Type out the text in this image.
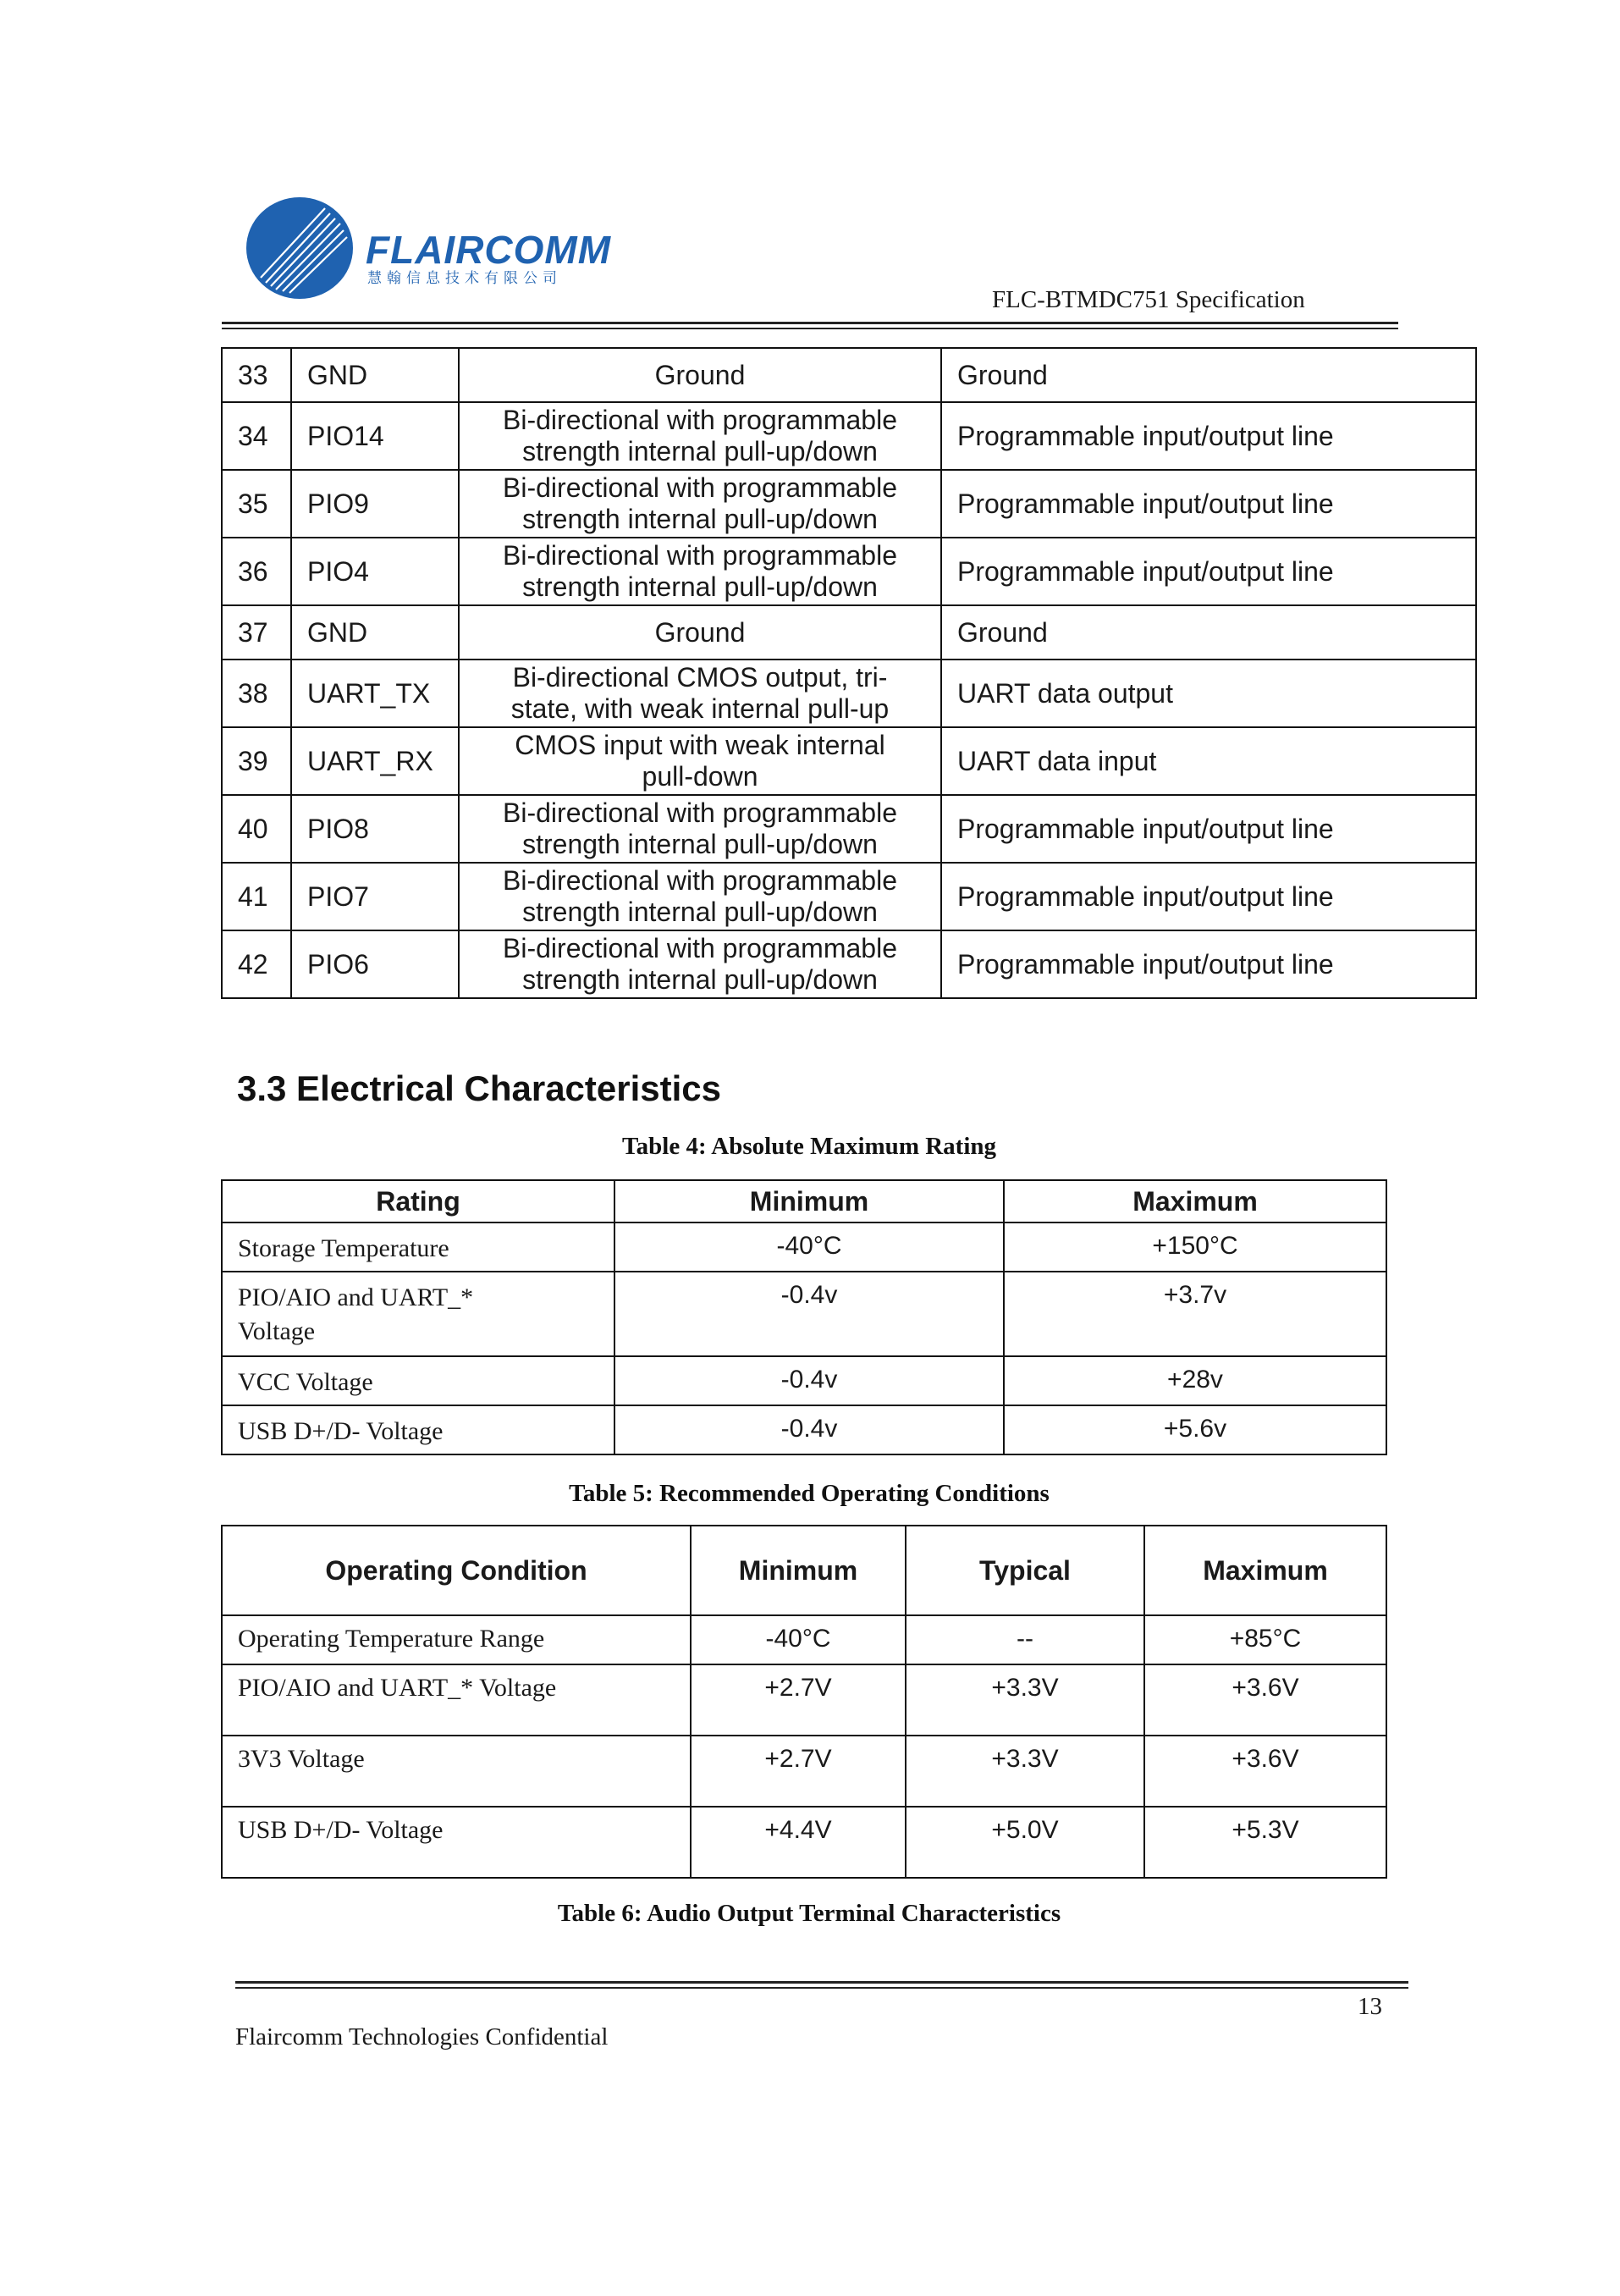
FLAIRCOMM
慧翰信息技术有限公司
FLC-BTMDC751 Specification
33	GND	Ground	Ground
34	PIO14	Bi-directional with programmable
strength internal pull-up/down	Programmable input/output line
35	PIO9	Bi-directional with programmable
strength internal pull-up/down	Programmable input/output line
36	PIO4	Bi-directional with programmable
strength internal pull-up/down	Programmable input/output line
37	GND	Ground	Ground
38	UART_TX	Bi-directional CMOS output, tri-
state, with weak internal pull-up	UART data output
39	UART_RX	CMOS input with weak internal
pull-down	UART data input
40	PIO8	Bi-directional with programmable
strength internal pull-up/down	Programmable input/output line
41	PIO7	Bi-directional with programmable
strength internal pull-up/down	Programmable input/output line
42	PIO6	Bi-directional with programmable
strength internal pull-up/down	Programmable input/output line
3.3 Electrical Characteristics
Table 4: Absolute Maximum Rating
Rating	Minimum	Maximum
Storage Temperature	-40°C	+150°C
PIO/AIO and UART_*
Voltage	-0.4v	+3.7v
VCC Voltage	-0.4v	+28v
USB D+/D- Voltage	-0.4v	+5.6v
Table 5: Recommended Operating Conditions
Operating Condition	Minimum	Typical	Maximum
Operating Temperature Range	-40°C	--	+85°C
PIO/AIO and UART_* Voltage	+2.7V	+3.3V	+3.6V
3V3 Voltage	+2.7V	+3.3V	+3.6V
USB D+/D- Voltage	+4.4V	+5.0V	+5.3V
Table 6: Audio Output Terminal Characteristics
13
Flaircomm Technologies Confidential
